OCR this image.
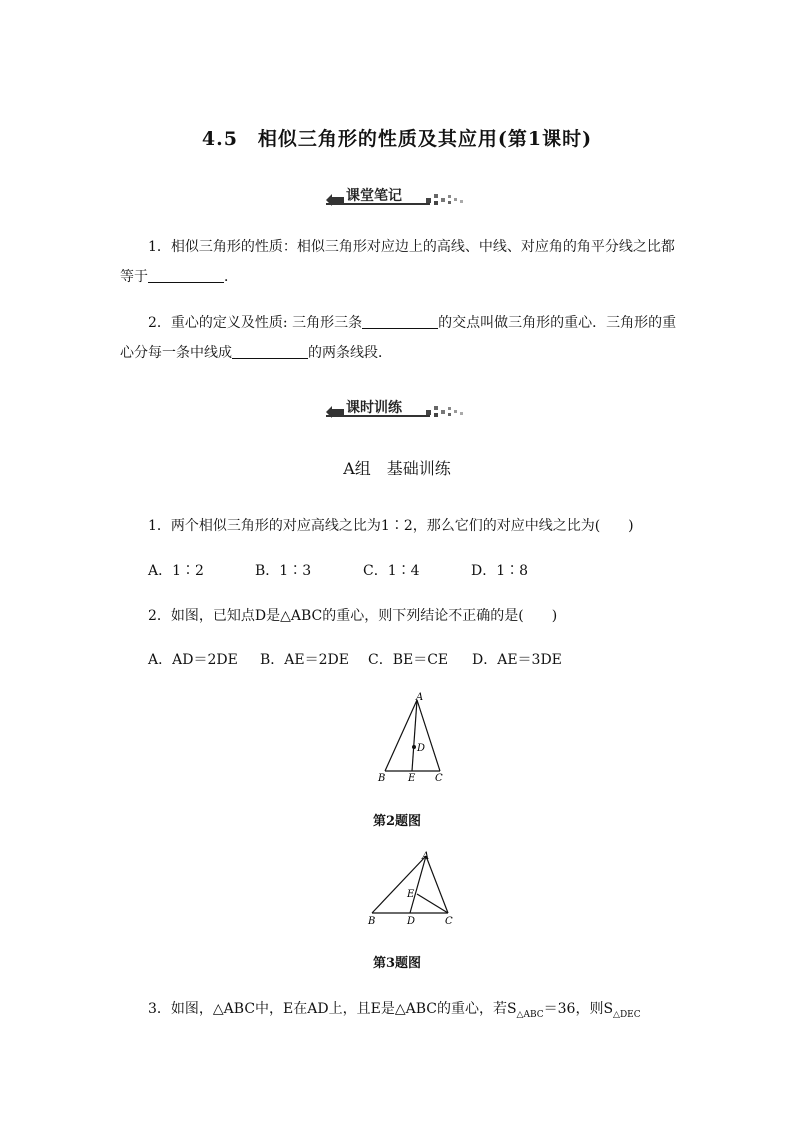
4.5　相似三角形的性质及其应用(第1课时)
课堂笔记
1．相似三角形的性质：相似三角形对应边上的高线、中线、对应角的角平分线之比都
等于	．
2．重心的定义及性质: 三角形三条	的交点叫做三角形的重心．三角形的重
心分每一条中线成	的两条线段．
课时训练
A组　基础训练
1．两个相似三角形的对应高线之比为1∶2，那么它们的对应中线之比为(　　)
A．1∶2	B．1∶3	C．1∶4	D．1∶8
2．如图，已知点D是△ABC的重心，则下列结论不正确的是(　　)
A．AD＝2DE B．AE＝2DE C．BE＝CE D．AE＝3DE
A
D
B E C
第2题图
A
E
B	D	C
第3题图
3．如图，△ABC中，E在AD上，且E是△ABC的重心，若$S_{\triangle ABC}=36$，则$S_{\triangle DEC}$
